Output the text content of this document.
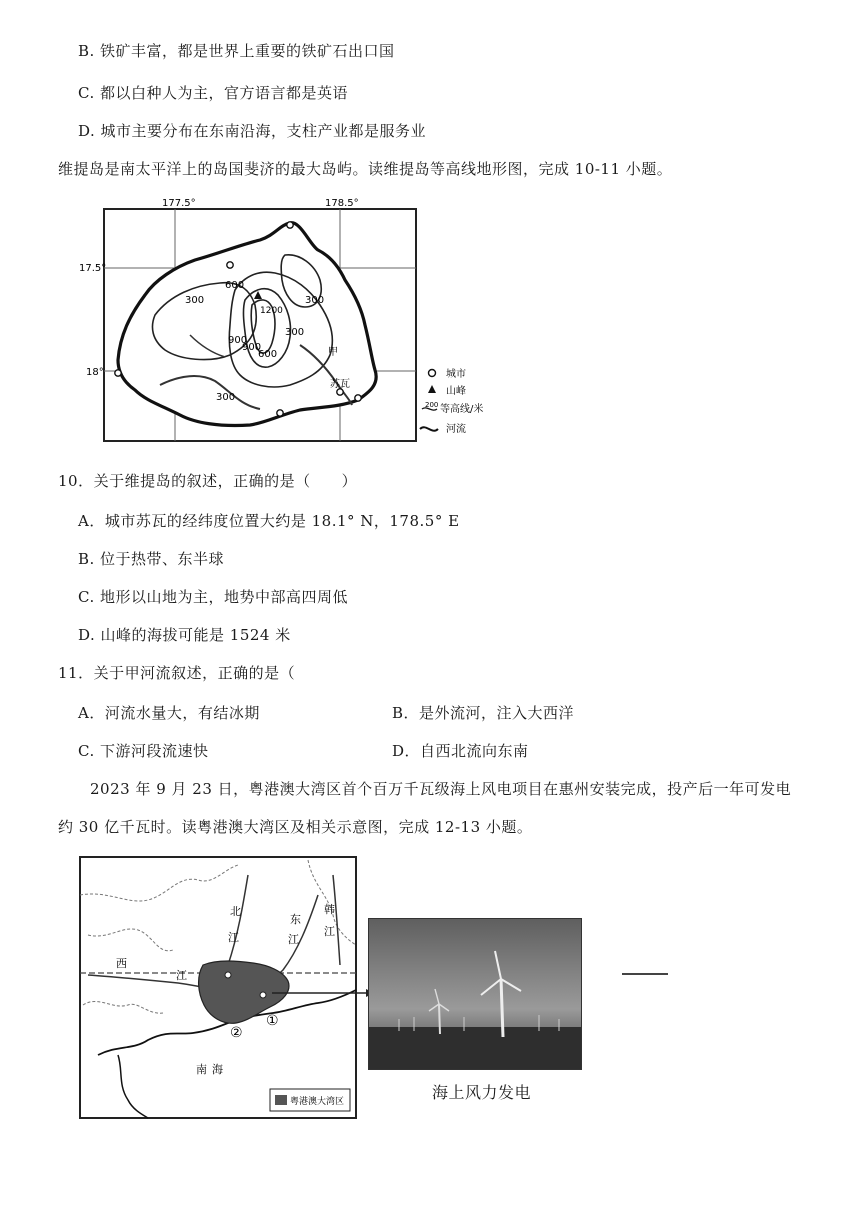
B. 铁矿丰富，都是世界上重要的铁矿石出口国
C. 都以白种人为主，官方语言都是英语
D. 城市主要分布在东南沿海，支柱产业都是服务业
维提岛是南太平洋上的岛国斐济的最大岛屿。读维提岛等高线地形图，完成 10-11 小题。
177.5°	178.5°
17.5°
18°
300	300
600
900
1200
300
600
900
300
甲
苏瓦
城市
山峰
200 等高线/米
河流
10．关于维提岛的叙述，正确的是（　　）
A．城市苏瓦的经纬度位置大约是 18.1° N，178.5° E
B. 位于热带、东半球
C. 地形以山地为主，地势中部高四周低
D. 山峰的海拔可能是 1524 米
11．关于甲河流叙述，正确的是（
A．河流水量大，有结冰期	B．是外流河，注入大西洋
C. 下游河段流速快	D．自西北流向东南
2023 年 9 月 23 日，粤港澳大湾区首个百万千瓦级海上风电项目在惠州安装完成，投产后一年可发电
约 30 亿千瓦时。读粤港澳大湾区及相关示意图，完成 12-13 小题。
北
江
东
江
韩
江
西
江
南 海
①
②
粤港澳大湾区	海上风力发电
